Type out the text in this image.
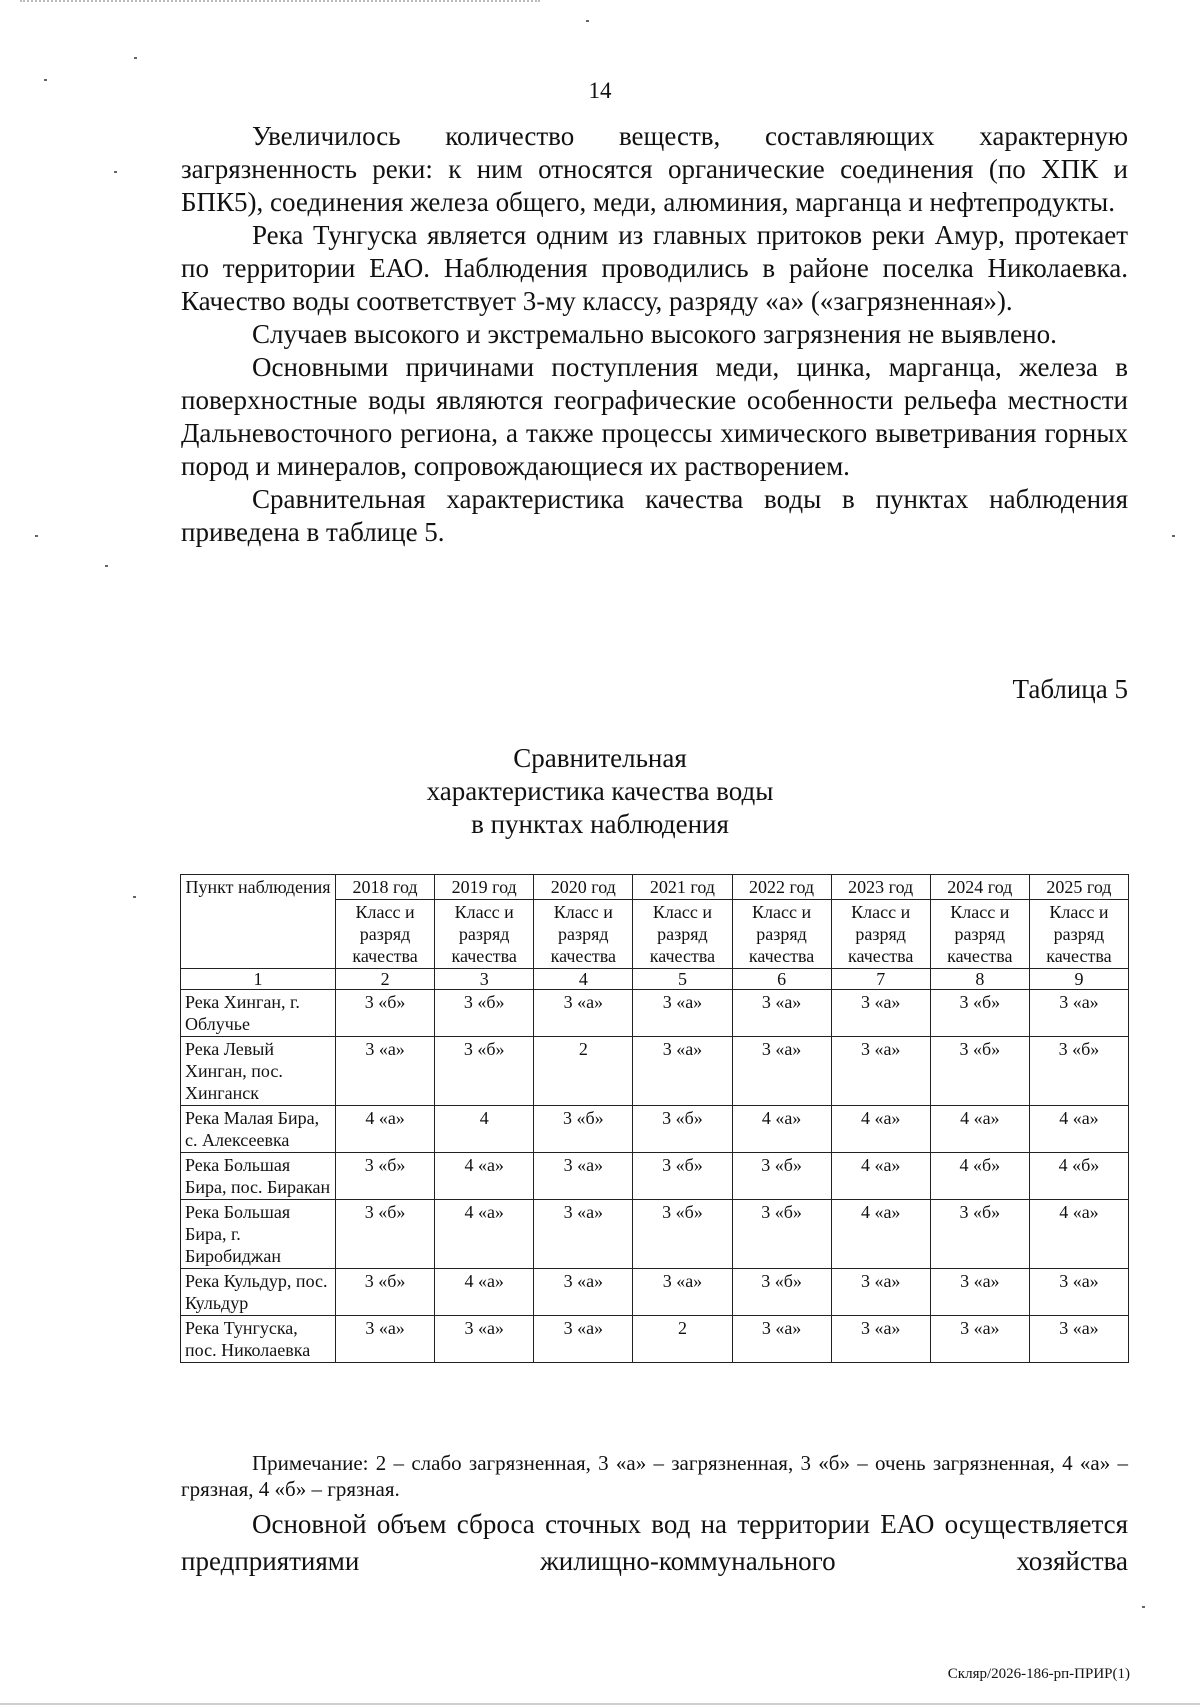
14

Увеличилось количество веществ, составляющих характерную загрязненность реки: к ним относятся органические соединения (по ХПК и БПК5), соединения железа общего, меди, алюминия, марганца и нефтепродукты.

Река Тунгуска является одним из главных притоков реки Амур, протекает по территории ЕАО. Наблюдения проводились в районе поселка Николаевка. Качество воды соответствует 3-му классу, разряду «а» («загрязненная»).

Случаев высокого и экстремально высокого загрязнения не выявлено.

Основными причинами поступления меди, цинка, марганца, железа в поверхностные воды являются географические особенности рельефа местности Дальневосточного региона, а также процессы химического выветривания горных пород и минералов, сопровождающиеся их растворением.

Сравнительная характеристика качества воды в пунктах наблюдения приведена в таблице 5.

Таблица 5
Сравнительная
характеристика качества воды
в пунктах наблюдения
Пункт наблюдения	2018 год	2019 год	2020 год	2021 год	2022 год	2023 год	2024 год	2025 год
	Класс и разряд качества	Класс и разряд качества	Класс и разряд качества	Класс и разряд качества	Класс и разряд качества	Класс и разряд качества	Класс и разряд качества	Класс и разряд качества
1	2	3	4	5	6	7	8	9
Река Хинган, г. Облучье	3 «б»	3 «б»	3 «а»	3 «а»	3 «а»	3 «а»	3 «б»	3 «а»
Река Левый Хинган, пос. Хинганск	3 «а»	3 «б»	2	3 «а»	3 «а»	3 «а»	3 «б»	3 «б»
Река Малая Бира, с. Алексеевка	4 «а»	4	3 «б»	3 «б»	4 «а»	4 «а»	4 «а»	4 «а»
Река Большая Бира, пос. Биракан	3 «б»	4 «а»	3 «а»	3 «б»	3 «б»	4 «а»	4 «б»	4 «б»
Река Большая Бира, г. Биробиджан	3 «б»	4 «а»	3 «а»	3 «б»	3 «б»	4 «а»	3 «б»	4 «а»
Река Кульдур, пос. Кульдур	3 «б»	4 «а»	3 «а»	3 «а»	3 «б»	3 «а»	3 «а»	3 «а»
Река Тунгуска, пос. Николаевка	3 «а»	3 «а»	3 «а»	2	3 «а»	3 «а»	3 «а»	3 «а»

Примечание: 2 – слабо загрязненная, 3 «а» – загрязненная, 3 «б» – очень загрязненная, 4 «а» – грязная, 4 «б» – грязная.

Основной объем сброса сточных вод на территории ЕАО осуществляется предприятиями жилищно-коммунального хозяйства

Скляр/2026-186-рп-ПРИР(1)
